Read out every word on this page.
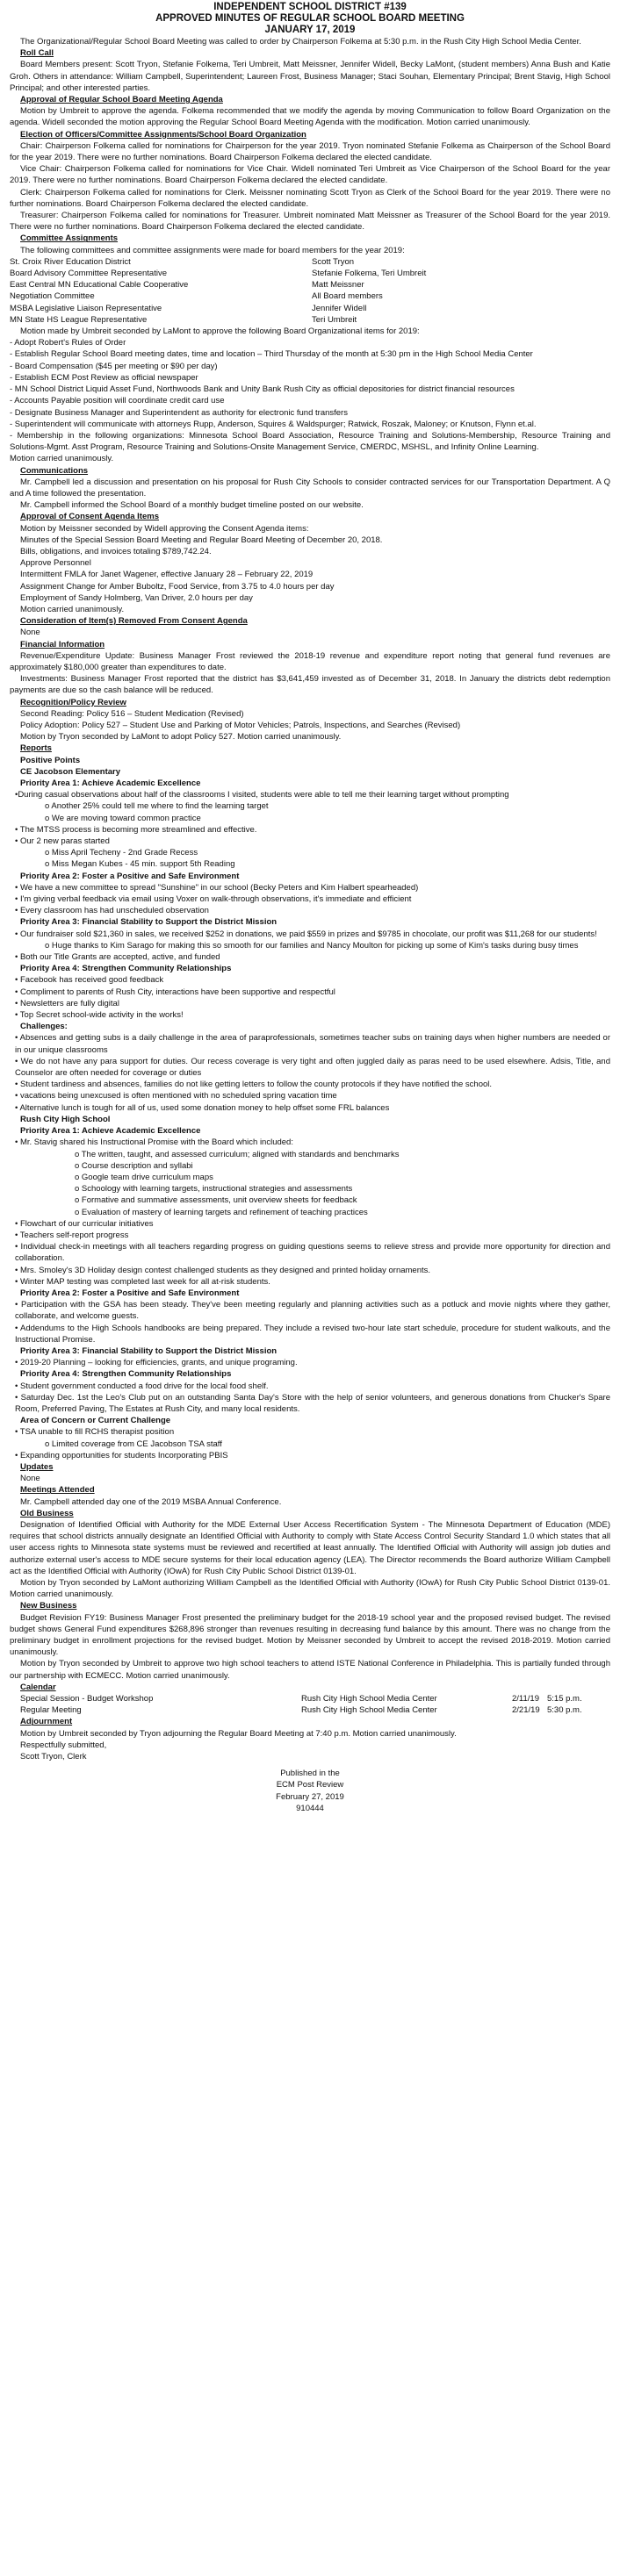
INDEPENDENT SCHOOL DISTRICT #139
APPROVED MINUTES OF REGULAR SCHOOL BOARD MEETING
JANUARY 17, 2019

The Organizational/Regular School Board Meeting was called to order by Chairperson Folkema at 5:30 p.m. in the Rush City High School Media Center.

Roll Call

Board Members present: Scott Tryon, Stefanie Folkema, Teri Umbreit, Matt Meissner, Jennifer Widell, Becky LaMont, (student members) Anna Bush and Katie Groh. Others in attendance: William Campbell, Superintendent; Laureen Frost, Business Manager; Staci Souhan, Elementary Principal; Brent Stavig, High School Principal; and other interested parties.

Approval of Regular School Board Meeting Agenda

Motion by Umbreit to approve the agenda. Folkema recommended that we modify the agenda by moving Communication to follow Board Organization on the agenda. Widell seconded the motion approving the Regular School Board Meeting Agenda with the modification. Motion carried unanimously.

Election of Officers/Committee Assignments/School Board Organization

Chair: Chairperson Folkema called for nominations for Chairperson for the year 2019. Tryon nominated Stefanie Folkema as Chairperson of the School Board for the year 2019. There were no further nominations. Board Chairperson Folkema declared the elected candidate.

Vice Chair: Chairperson Folkema called for nominations for Vice Chair. Widell nominated Teri Umbreit as Vice Chairperson of the School Board for the year 2019. There were no further nominations. Board Chairperson Folkema declared the elected candidate.

Clerk: Chairperson Folkema called for nominations for Clerk. Meissner nominating Scott Tryon as Clerk of the School Board for the year 2019. There were no further nominations. Board Chairperson Folkema declared the elected candidate.

Treasurer: Chairperson Folkema called for nominations for Treasurer. Umbreit nominated Matt Meissner as Treasurer of the School Board for the year 2019. There were no further nominations. Board Chairperson Folkema declared the elected candidate.

Committee Assignments

The following committees and committee assignments were made for board members for the year 2019:

St. Croix River Education District	Scott Tryon
Board Advisory Committee Representative	Stefanie Folkema, Teri Umbreit
East Central MN Educational Cable Cooperative	Matt Meissner
Negotiation Committee	All Board members
MSBA Legislative Liaison Representative	Jennifer Widell
MN State HS League Representative	Teri Umbreit

Motion made by Umbreit seconded by LaMont to approve the following Board Organizational items for 2019:

- Adopt Robert's Rules of Order

- Establish Regular School Board meeting dates, time and location – Third Thursday of the month at 5:30 pm in the High School Media Center

- Board Compensation ($45 per meeting or $90 per day)

- Establish ECM Post Review as official newspaper

- MN School District Liquid Asset Fund, Northwoods Bank and Unity Bank Rush City as official depositories for district financial resources

- Accounts Payable position will coordinate credit card use

- Designate Business Manager and Superintendent as authority for electronic fund transfers

- Superintendent will communicate with attorneys Rupp, Anderson, Squires & Waldspurger; Ratwick, Roszak, Maloney; or Knutson, Flynn et.al.

- Membership in the following organizations: Minnesota School Board Association, Resource Training and Solutions-Membership, Resource Training and Solutions-Mgmt. Asst Program, Resource Training and Solutions-Onsite Management Service, CMERDC, MSHSL, and Infinity Online Learning.

Motion carried unanimously.

Communications

Mr. Campbell led a discussion and presentation on his proposal for Rush City Schools to consider contracted services for our Transportation Department. A Q and A time followed the presentation.

Mr. Campbell informed the School Board of a monthly budget timeline posted on our website.

Approval of Consent Agenda Items

Motion by Meissner seconded by Widell approving the Consent Agenda items:

Minutes of the Special Session Board Meeting and Regular Board Meeting of December 20, 2018.

Bills, obligations, and invoices totaling $789,742.24.

Approve Personnel

Intermittent FMLA for Janet Wagener, effective January 28 – February 22, 2019

Assignment Change for Amber Buboltz, Food Service, from 3.75 to 4.0 hours per day

Employment of Sandy Holmberg, Van Driver, 2.0 hours per day

Motion carried unanimously.

Consideration of Item(s) Removed From Consent Agenda

None

Financial Information

Revenue/Expenditure Update: Business Manager Frost reviewed the 2018-19 revenue and expenditure report noting that general fund revenues are approximately $180,000 greater than expenditures to date.

Investments: Business Manager Frost reported that the district has $3,641,459 invested as of December 31, 2018. In January the districts debt redemption payments are due so the cash balance will be reduced.

Recognition/Policy Review

Second Reading: Policy 516 – Student Medication (Revised)

Policy Adoption: Policy 527 – Student Use and Parking of Motor Vehicles; Patrols, Inspections, and Searches (Revised)

Motion by Tryon seconded by LaMont to adopt Policy 527. Motion carried unanimously.

Reports

Positive Points

CE Jacobson Elementary

Priority Area 1: Achieve Academic Excellence

•During casual observations about half of the classrooms I visited, students were able to tell me their learning target without prompting

o Another 25% could tell me where to find the learning target

o We are moving toward common practice

• The MTSS process is becoming more streamlined and effective.

• Our 2 new paras started

o Miss April Techeny - 2nd Grade Recess

o Miss Megan Kubes - 45 min. support 5th Reading

Priority Area 2: Foster a Positive and Safe Environment

• We have a new committee to spread "Sunshine" in our school (Becky Peters and Kim Halbert spearheaded)

• I'm giving verbal feedback via email using Voxer on walk-through observations, it's immediate and efficient

• Every classroom has had unscheduled observation

Priority Area 3: Financial Stability to Support the District Mission

• Our fundraiser sold $21,360 in sales, we received $252 in donations, we paid $559 in prizes and $9785 in chocolate, our profit was $11,268 for our students!

o Huge thanks to Kim Sarago for making this so smooth for our families and Nancy Moulton for picking up some of Kim's tasks during busy times

• Both our Title Grants are accepted, active, and funded

Priority Area 4: Strengthen Community Relationships

• Facebook has received good feedback

• Compliment to parents of Rush City, interactions have been supportive and respectful

• Newsletters are fully digital

• Top Secret school-wide activity in the works!

Challenges:

• Absences and getting subs is a daily challenge in the area of paraprofessionals, sometimes teacher subs on training days when higher numbers are needed or in our unique classrooms

• We do not have any para support for duties. Our recess coverage is very tight and often juggled daily as paras need to be used elsewhere. Adsis, Title, and Counselor are often needed for coverage or duties

• Student tardiness and absences, families do not like getting letters to follow the county protocols if they have notified the school.

• vacations being unexcused is often mentioned with no scheduled spring vacation time

• Alternative lunch is tough for all of us, used some donation money to help offset some FRL balances

Rush City High School

Priority Area 1: Achieve Academic Excellence

• Mr. Stavig shared his Instructional Promise with the Board which included:

o The written, taught, and assessed curriculum; aligned with standards and benchmarks

o Course description and syllabi

o Google team drive curriculum maps

o Schoology with learning targets, instructional strategies and assessments

o Formative and summative assessments, unit overview sheets for feedback

o Evaluation of mastery of learning targets and refinement of teaching practices

• Flowchart of our curricular initiatives

• Teachers self-report progress

• Individual check-in meetings with all teachers regarding progress on guiding questions seems to relieve stress and provide more opportunity for direction and collaboration.

• Mrs. Smoley's 3D Holiday design contest challenged students as they designed and printed holiday ornaments.

• Winter MAP testing was completed last week for all at-risk students.

Priority Area 2: Foster a Positive and Safe Environment

• Participation with the GSA has been steady. They've been meeting regularly and planning activities such as a potluck and movie nights where they gather, collaborate, and welcome guests.

• Addendums to the High Schools handbooks are being prepared. They include a revised two-hour late start schedule, procedure for student walkouts, and the Instructional Promise.

Priority Area 3: Financial Stability to Support the District Mission

• 2019-20 Planning – looking for efficiencies, grants, and unique programing.

Priority Area 4: Strengthen Community Relationships

• Student government conducted a food drive for the local food shelf.

• Saturday Dec. 1st the Leo's Club put on an outstanding Santa Day's Store with the help of senior volunteers, and generous donations from Chucker's Spare Room, Preferred Paving, The Estates at Rush City, and many local residents.

Area of Concern or Current Challenge

• TSA unable to fill RCHS therapist position

o Limited coverage from CE Jacobson TSA staff

• Expanding opportunities for students Incorporating PBIS

Updates

None

Meetings Attended

Mr. Campbell attended day one of the 2019 MSBA Annual Conference.

Old Business

Designation of Identified Official with Authority for the MDE External User Access Recertification System - The Minnesota Department of Education (MDE) requires that school districts annually designate an Identified Official with Authority to comply with State Access Control Security Standard 1.0 which states that all user access rights to Minnesota state systems must be reviewed and recertified at least annually. The Identified Official with Authority will assign job duties and authorize external user's access to MDE secure systems for their local education agency (LEA). The Director recommends the Board authorize William Campbell act as the Identified Official with Authority (IOwA) for Rush City Public School District 0139-01.

Motion by Tryon seconded by LaMont authorizing William Campbell as the Identified Official with Authority (IOwA) for Rush City Public School District 0139-01. Motion carried unanimously.

New Business

Budget Revision FY19: Business Manager Frost presented the preliminary budget for the 2018-19 school year and the proposed revised budget. The revised budget shows General Fund expenditures $268,896 stronger than revenues resulting in decreasing fund balance by this amount. There was no change from the preliminary budget in enrollment projections for the revised budget. Motion by Meissner seconded by Umbreit to accept the revised 2018-2019. Motion carried unanimously.

Motion by Tryon seconded by Umbreit to approve two high school teachers to attend ISTE National Conference in Philadelphia. This is partially funded through our partnership with ECMECC. Motion carried unanimously.

Calendar

Special Session - Budget Workshop	Rush City High School Media Center	2/11/19 5:15 p.m.
Regular Meeting	Rush City High School Media Center	2/21/19 5:30 p.m.

Adjournment

Motion by Umbreit seconded by Tryon adjourning the Regular Board Meeting at 7:40 p.m. Motion carried unanimously.

Respectfully submitted,

Scott Tryon, Clerk

Published in the
ECM Post Review
February 27, 2019
910444
